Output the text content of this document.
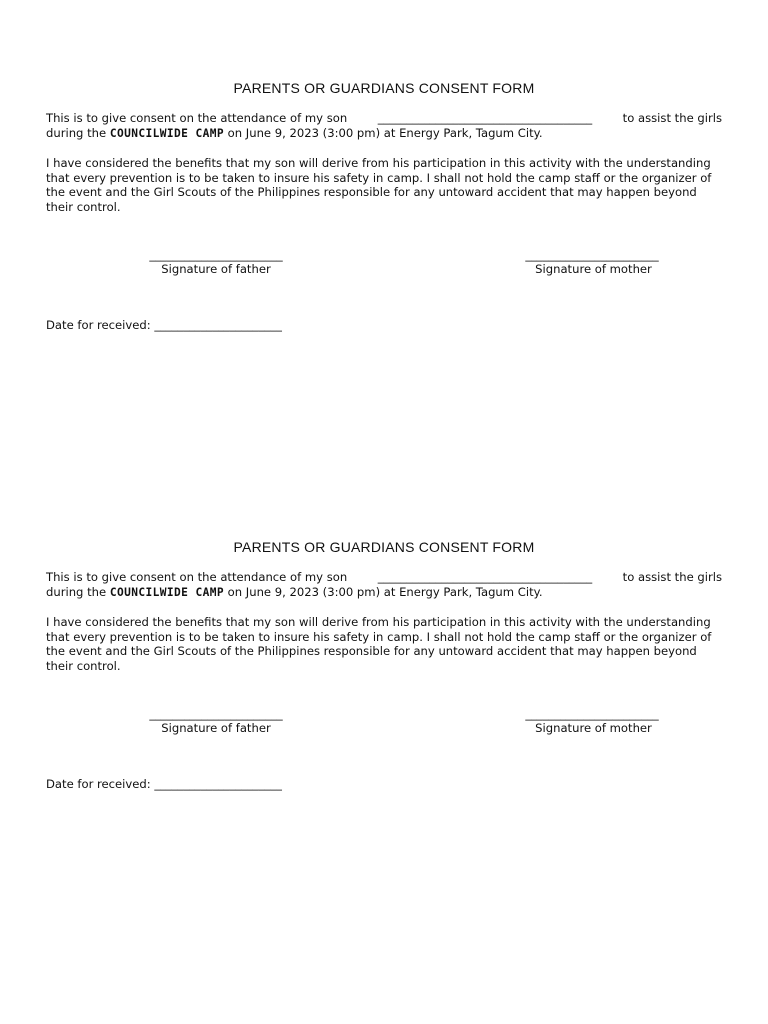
PARENTS OR GUARDIANS CONSENT FORM
This is to give consent on the attendance of my son	_____________________________________	to assist the girls
during the COUNCILWIDE CAMP on June 9, 2023 (3:00 pm) at Energy Park, Tagum City.

I have considered the benefits that my son will derive from his participation in this activity with the understanding that every prevention is to be taken to insure his safety in camp. I shall not hold the camp staff or the organizer of the event and the Girl Scouts of the Philippines responsible for any untoward accident that may happen beyond their control.

_______________________
Signature of father
_______________________
Signature of mother
Date for received: ______________________
PARENTS OR GUARDIANS CONSENT FORM
This is to give consent on the attendance of my son	_____________________________________	to assist the girls
during the COUNCILWIDE CAMP on June 9, 2023 (3:00 pm) at Energy Park, Tagum City.

I have considered the benefits that my son will derive from his participation in this activity with the understanding that every prevention is to be taken to insure his safety in camp. I shall not hold the camp staff or the organizer of the event and the Girl Scouts of the Philippines responsible for any untoward accident that may happen beyond their control.

_______________________
Signature of father
_______________________
Signature of mother
Date for received: ______________________
